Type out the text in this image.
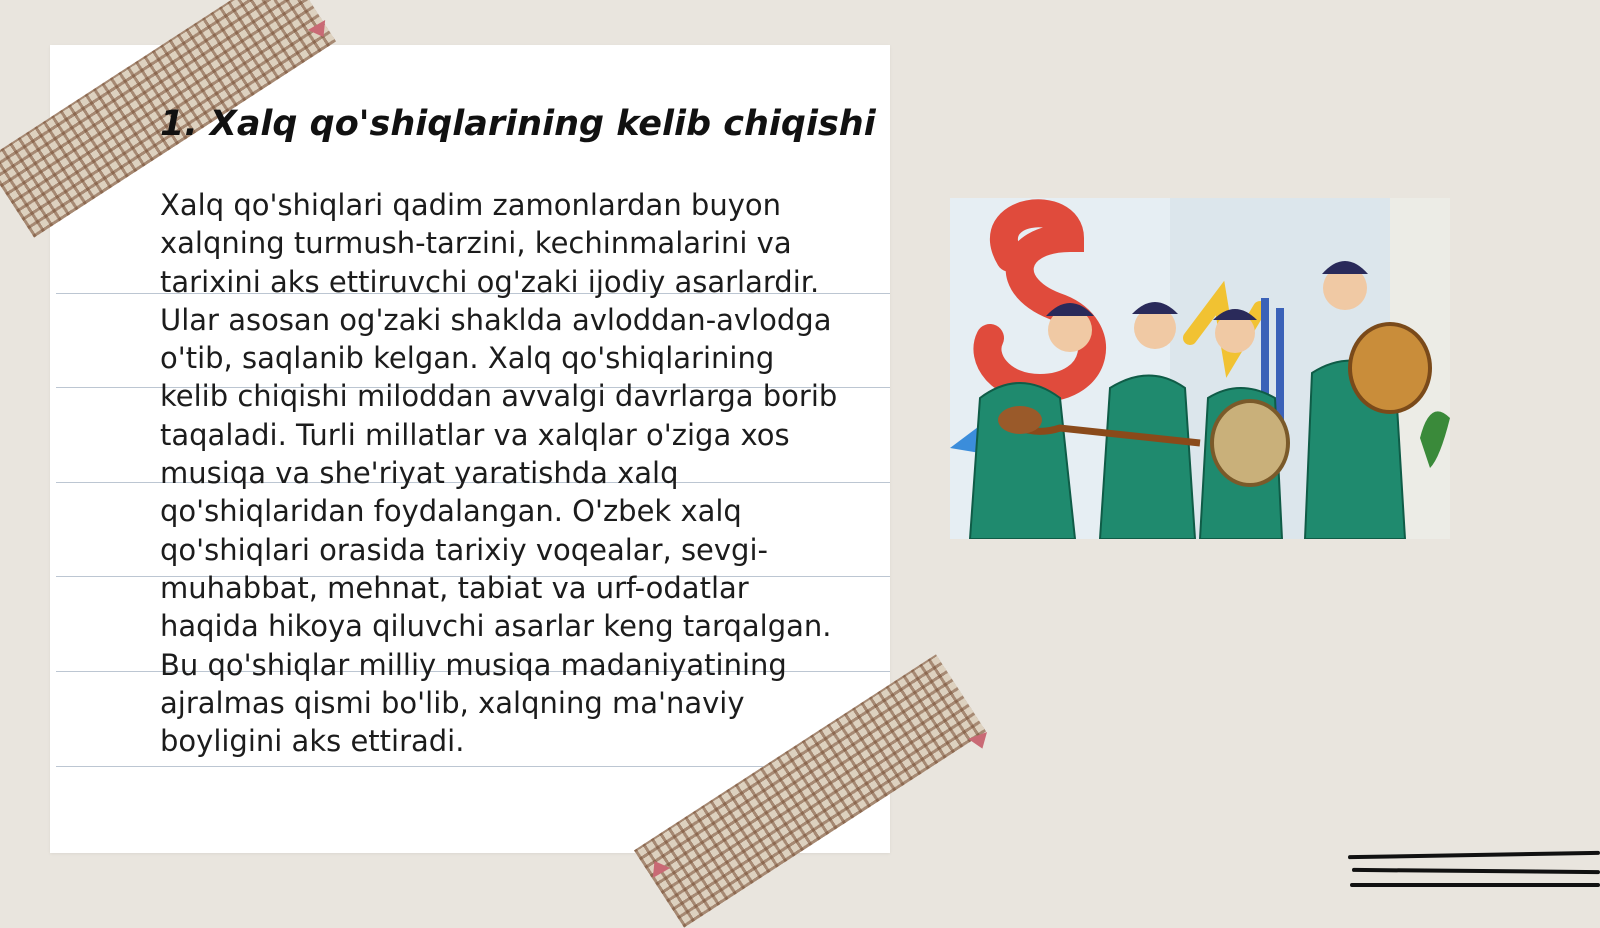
1. Xalq qo'shiqlarining kelib chiqishi

Xalq qo'shiqlari qadim zamonlardan buyon xalqning turmush-tarzini, kechinmalarini va tarixini aks ettiruvchi og'zaki ijodiy asarlardir. Ular asosan og'zaki shaklda avloddan-avlodga o'tib, saqlanib kelgan. Xalq qo'shiqlarining kelib chiqishi miloddan avvalgi davrlarga borib taqaladi. Turli millatlar va xalqlar o'ziga xos musiqa va she'riyat yaratishda xalq qo'shiqlaridan foydalangan. O'zbek xalq qo'shiqlari orasida tarixiy voqealar, sevgi-muhabbat, mehnat, tabiat va urf-odatlar haqida hikoya qiluvchi asarlar keng tarqalgan. Bu qo'shiqlar milliy musiqa madaniyatining ajralmas qismi bo'lib, xalqning ma'naviy boyligini aks ettiradi.
